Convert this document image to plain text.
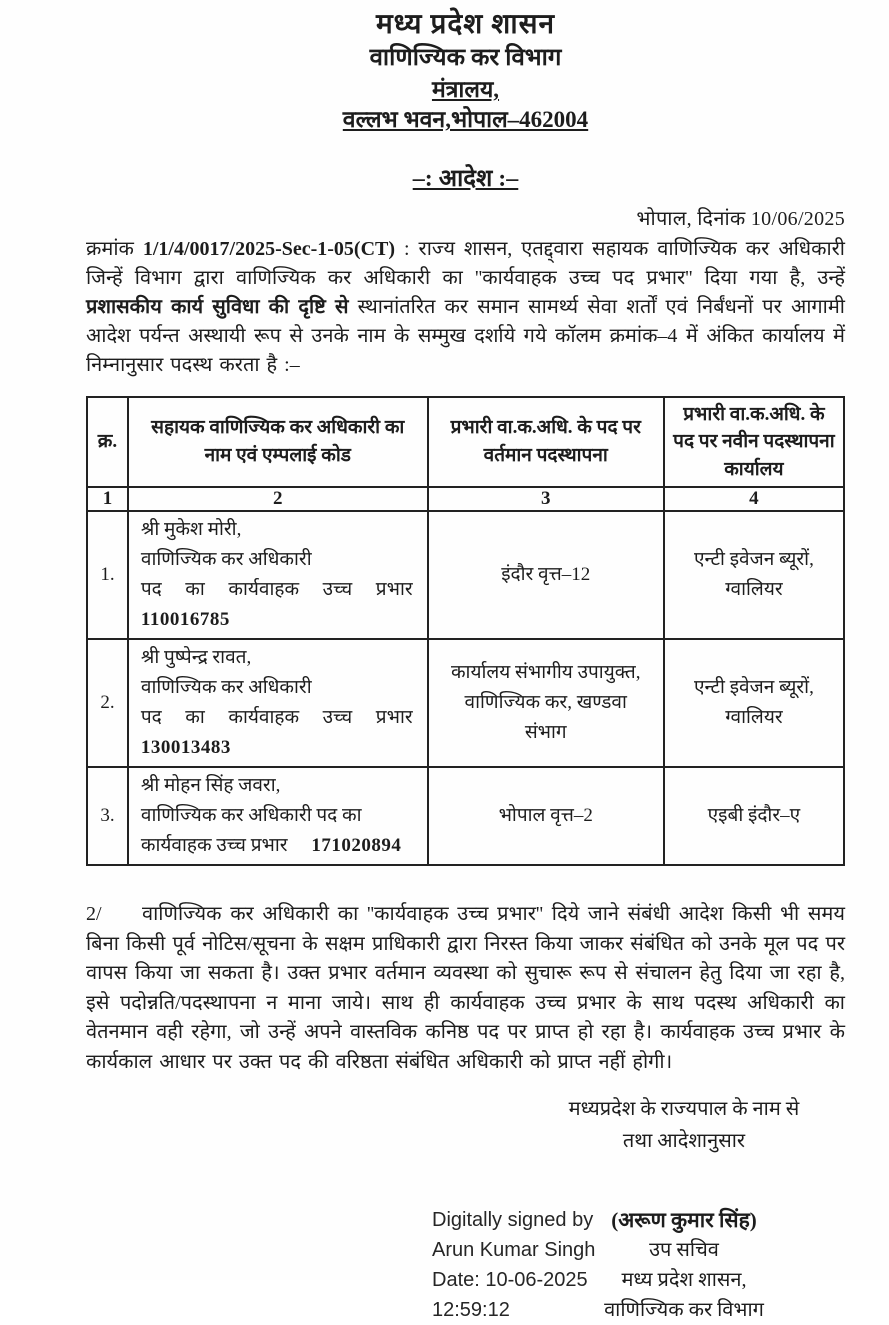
मध्य प्रदेश शासन
वाणिज्यिक कर विभाग
मंत्रालय,
वल्लभ भवन,भोपाल–462004
–: आदेश :–
भोपाल, दिनांक 10/06/2025

क्रमांक 1/1/4/0017/2025-Sec-1-05(CT) : राज्य शासन, एतद्द्वारा सहायक वाणिज्यिक कर अधिकारी जिन्हें विभाग द्वारा वाणिज्यिक कर अधिकारी का ''कार्यवाहक उच्च पद प्रभार'' दिया गया है, उन्हें प्रशासकीय कार्य सुविधा की दृष्टि से स्थानांतरित कर समान सामर्थ्य सेवा शर्तों एवं निर्बंधनों पर आगामी आदेश पर्यन्त अस्थायी रूप से उनके नाम के सम्मुख दर्शाये गये कॉलम क्रमांक–4 में अंकित कार्यालय में निम्नानुसार पदस्थ करता है :–

क्र.	सहायक वाणिज्यिक कर अधिकारी का नाम एवं एम्पलाई कोड	प्रभारी वा.क.अधि. के पद पर वर्तमान पदस्थापना	प्रभारी वा.क.अधि. के पद पर नवीन पदस्थापना कार्यालय
1	2	3	4
1.	श्री मुकेश मोरी,
वाणिज्यिक कर अधिकारी
पद का कार्यवाहक उच्च प्रभार
110016785	इंदौर वृत्त–12	एन्टी इवेजन ब्यूरों, ग्वालियर
2.	श्री पुष्पेन्द्र रावत,
वाणिज्यिक कर अधिकारी
पद का कार्यवाहक उच्च प्रभार
130013483	कार्यालय संभागीय उपायुक्त, वाणिज्यिक कर, खण्डवा संभाग	एन्टी इवेजन ब्यूरों, ग्वालियर
3.	श्री मोहन सिंह जवरा,
वाणिज्यिक कर अधिकारी पद का
कार्यवाहक उच्च प्रभार  171020894	भोपाल वृत्त–2	एइबी इंदौर–ए

2/ वाणिज्यिक कर अधिकारी का ''कार्यवाहक उच्च प्रभार'' दिये जाने संबंधी आदेश किसी भी समय बिना किसी पूर्व नोटिस/सूचना के सक्षम प्राधिकारी द्वारा निरस्त किया जाकर संबंधित को उनके मूल पद पर वापस किया जा सकता है। उक्त प्रभार वर्तमान व्यवस्था को सुचारू रूप से संचालन हेतु दिया जा रहा है, इसे पदोन्नति/पदस्थापना न माना जाये। साथ ही कार्यवाहक उच्च प्रभार के साथ पदस्थ अधिकारी का वेतनमान वही रहेगा, जो उन्हें अपने वास्तविक कनिष्ठ पद पर प्राप्त हो रहा है। कार्यवाहक उच्च प्रभार के कार्यकाल आधार पर उक्त पद की वरिष्ठता संबंधित अधिकारी को प्राप्त नहीं होगी।

मध्यप्रदेश के राज्यपाल के नाम से
तथा आदेशानुसार
Digitally signed by
Arun Kumar Singh
Date: 10-06-2025
12:59:12
(अरूण कुमार सिंह)
उप सचिव
मध्य प्रदेश शासन,
वाणिज्यिक कर विभाग
